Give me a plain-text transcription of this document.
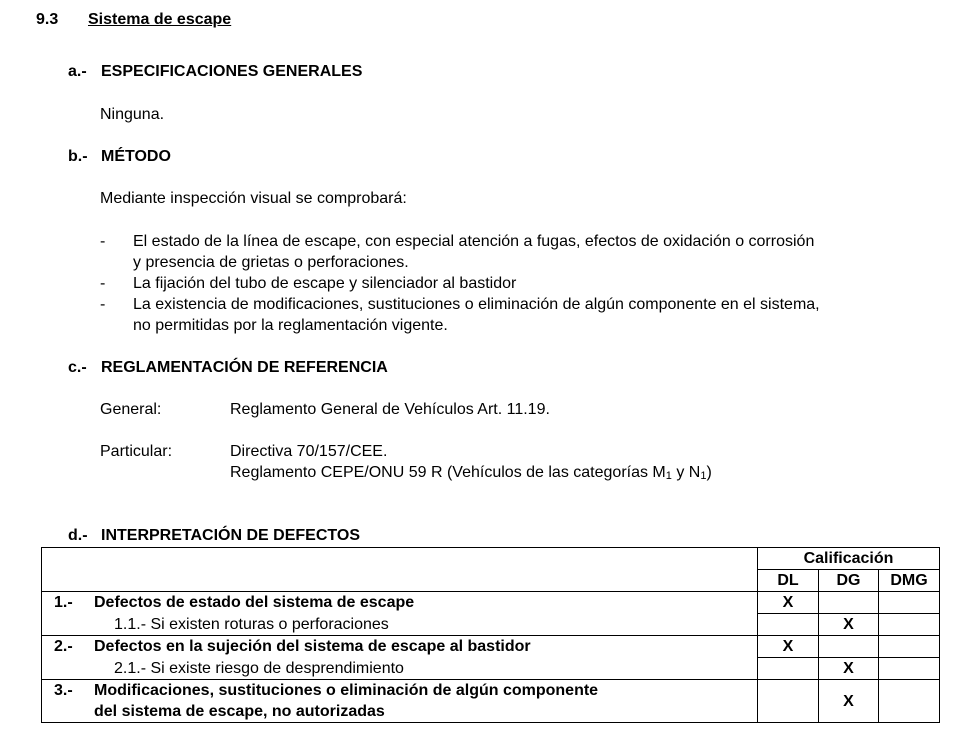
9.3 Sistema de escape
a.- ESPECIFICACIONES GENERALES
Ninguna.
b.- MÉTODO
Mediante inspección visual se comprobará:
- El estado de la línea de escape, con especial atención a fugas, efectos de oxidación o corrosión
y presencia de grietas o perforaciones.
- La fijación del tubo de escape y silenciador al bastidor
- La existencia de modificaciones, sustituciones o eliminación de algún componente en el sistema,
no permitidas por la reglamentación vigente.
c.- REGLAMENTACIÓN DE REFERENCIA
General:	Reglamento General de Vehículos Art. 11.19.
Particular:	Directiva 70/157/CEE.
Reglamento CEPE/ONU 59 R (Vehículos de las categorías $M_1$ y $N_1$)
d.- INTERPRETACIÓN DE DEFECTOS
	Calificación		
	DL	DG	DMG
1.- Defectos de estado del sistema de escape	X		
1.1.- Si existen roturas o perforaciones		X	
2.- Defectos en la sujeción del sistema de escape al bastidor	X		
2.1.- Si existe riesgo de desprendimiento		X	
3.- Modificaciones, sustituciones o eliminación de algún componente
del sistema de escape, no autorizadas		X	
